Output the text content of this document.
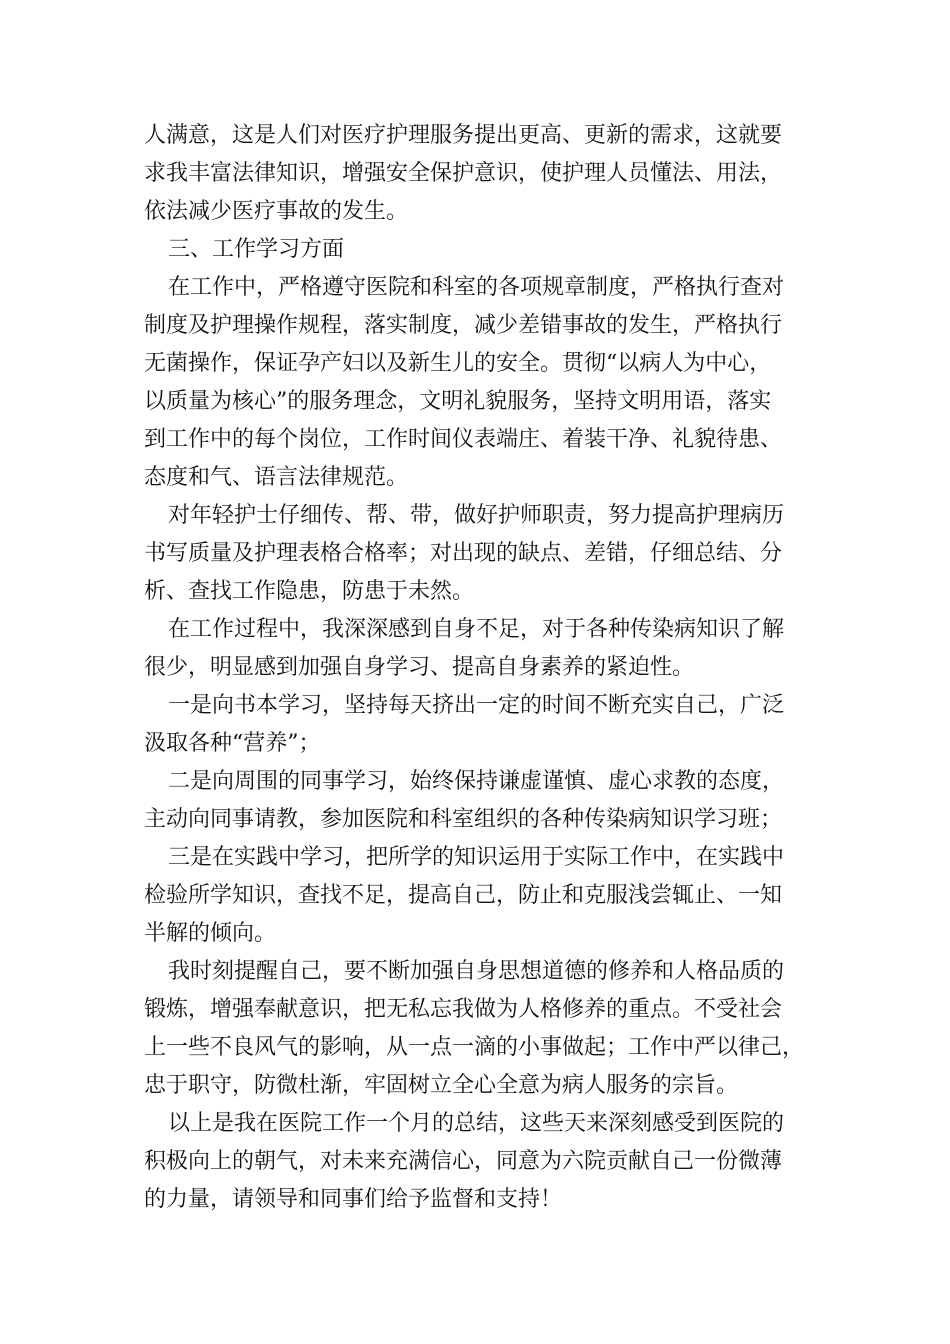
人满意，这是人们对医疗护理服务提出更高、更新的需求，这就要
求我丰富法律知识，增强安全保护意识，使护理人员懂法、用法，
依法减少医疗事故的发生。
三、工作学习方面
在工作中，严格遵守医院和科室的各项规章制度，严格执行查对
制度及护理操作规程，落实制度，减少差错事故的发生，严格执行
无菌操作，保证孕产妇以及新生儿的安全。贯彻“以病人为中心，
以质量为核心”的服务理念，文明礼貌服务，坚持文明用语，落实
到工作中的每个岗位，工作时间仪表端庄、着装干净、礼貌待患、
态度和气、语言法律规范。
对年轻护士仔细传、帮、带，做好护师职责，努力提高护理病历
书写质量及护理表格合格率；对出现的缺点、差错，仔细总结、分
析、查找工作隐患，防患于未然。
在工作过程中，我深深感到自身不足，对于各种传染病知识了解
很少，明显感到加强自身学习、提高自身素养的紧迫性。
一是向书本学习，坚持每天挤出一定的时间不断充实自己，广泛
汲取各种“营养”；
二是向周围的同事学习，始终保持谦虚谨慎、虚心求教的态度，
主动向同事请教，参加医院和科室组织的各种传染病知识学习班；
三是在实践中学习，把所学的知识运用于实际工作中，在实践中
检验所学知识，查找不足，提高自己，防止和克服浅尝辄止、一知
半解的倾向。
我时刻提醒自己，要不断加强自身思想道德的修养和人格品质的
锻炼，增强奉献意识，把无私忘我做为人格修养的重点。不受社会
上一些不良风气的影响，从一点一滴的小事做起；工作中严以律己，
忠于职守，防微杜渐，牢固树立全心全意为病人服务的宗旨。
以上是我在医院工作一个月的总结，这些天来深刻感受到医院的
积极向上的朝气，对未来充满信心，同意为六院贡献自己一份微薄
的力量，请领导和同事们给予监督和支持！
